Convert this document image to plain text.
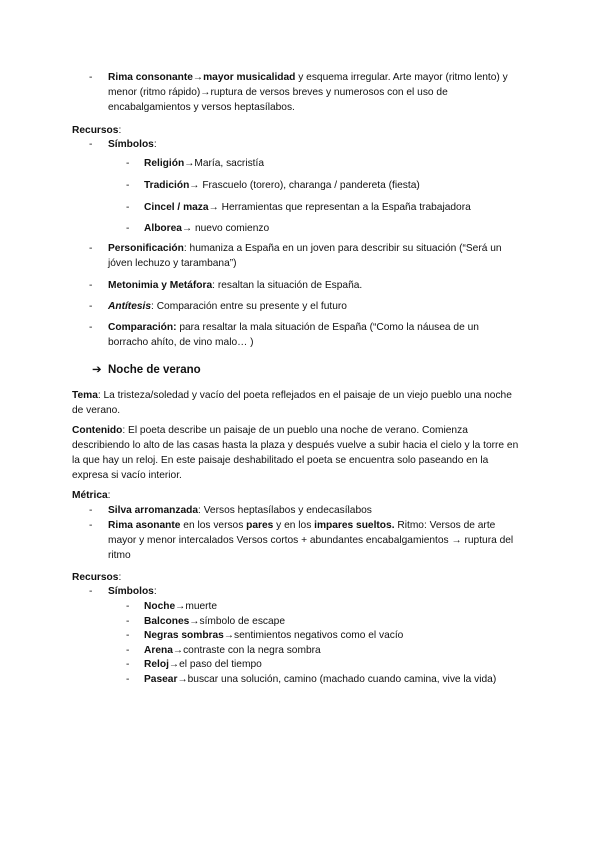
- Rima consonante→mayor musicalidad y esquema irregular. Arte mayor (ritmo lento) y menor (ritmo rápido)→ruptura de versos breves y numerosos con el uso de encabalgamientos y versos heptasílabos.
Recursos:
- Símbolos:
- Religión→María, sacristía
- Tradición→ Frascuelo (torero), charanga / pandereta (fiesta)
- Cincel / maza→ Herramientas que representan a la España trabajadora
- Alborea→ nuevo comienzo
- Personificación: humaniza a España en un joven para describir su situación (“Será un jóven lechuzo y tarambana”)
- Metonimia y Metáfora: resaltan la situación de España.
- Antítesis: Comparación entre su presente y el futuro
- Comparación: para resaltar la mala situación de España (“Como la náusea de un borracho ahíto, de vino malo… )
➔ Noche de verano
Tema: La tristeza/soledad y vacío del poeta reflejados en el paisaje de un viejo pueblo una noche de verano.
Contenido: El poeta describe un paisaje de un pueblo una noche de verano. Comienza describiendo lo alto de las casas hasta la plaza y después vuelve a subir hacia el cielo y la torre en la que hay un reloj. En este paisaje deshabilitado el poeta se encuentra solo paseando en la expresa si vacío interior.
Métrica:
- Silva arromanzada: Versos heptasílabos y endecasílabos
- Rima asonante en los versos pares y en los impares sueltos. Ritmo: Versos de arte mayor y menor intercalados Versos cortos + abundantes encabalgamientos → ruptura del ritmo
Recursos:
- Símbolos:
- Noche→muerte
- Balcones→símbolo de escape
- Negras sombras→sentimientos negativos como el vacío
- Arena→contraste con la negra sombra
- Reloj→el paso del tiempo
- Pasear→buscar una solución, camino (machado cuando camina, vive la vida)
